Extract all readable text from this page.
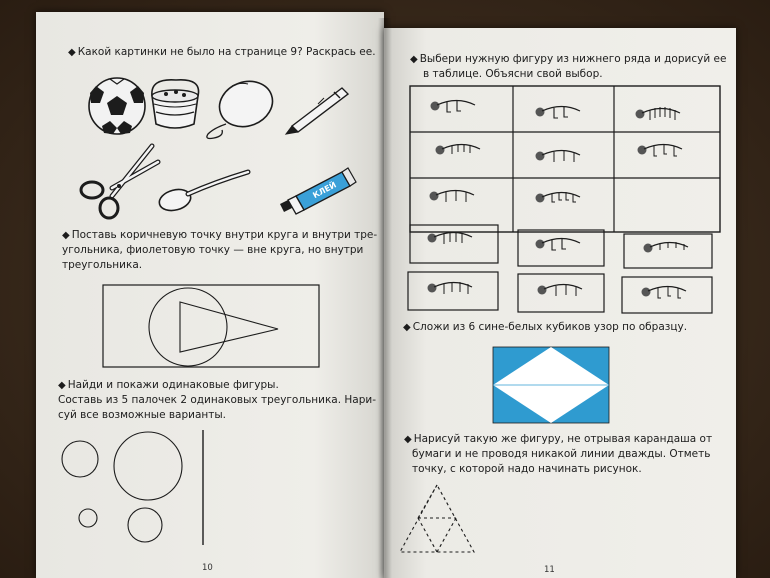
◆ Какой картинки не было на странице 9? Раскрась ее.
◆ Поставь коричневую точку внутри круга и внутри тре-
угольника, фиолетовую точку — вне круга, но внутри
треугольника.
◆ Найди и покажи одинаковые фигуры.
Составь из 5 палочек 2 одинаковых треугольника. Нари-
суй все возможные варианты.
10
◆ Выбери нужную фигуру из нижнего ряда и дорисуй ее
в таблице. Объясни свой выбор.
◆ Сложи из 6 сине-белых кубиков узор по образцу.
◆ Нарисуй такую же фигуру, не отрывая карандаша от
бумаги и не проводя никакой линии дважды. Отметь
точку, с которой надо начинать рисунок.
11
КЛЕЙ
